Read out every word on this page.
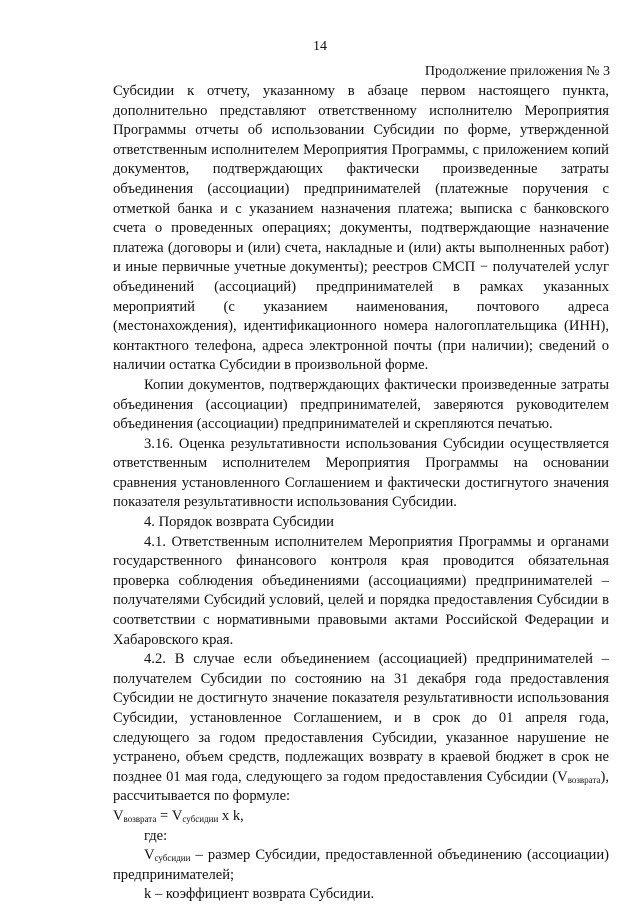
14
Продолжение приложения № 3

Субсидии к отчету, указанному в абзаце первом настоящего пункта, дополнительно представляют ответственному исполнителю Мероприятия Программы отчеты об использовании Субсидии по форме, утвержденной ответственным исполнителем Мероприятия Программы, с приложением копий документов, подтверждающих фактически произведенные затраты объединения (ассоциации) предпринимателей (платежные поручения с отметкой банка и с указанием назначения платежа; выписка с банковского счета о проведенных операциях; документы, подтверждающие назначение платежа (договоры и (или) счета, накладные и (или) акты выполненных работ) и иные первичные учетные документы); реестров СМСП − получателей услуг объединений (ассоциаций) предпринимателей в рамках указанных мероприятий (с указанием наименования, почтового адреса (местонахождения), идентификационного номера налогоплательщика (ИНН), контактного телефона, адреса электронной почты (при наличии); сведений о наличии остатка Субсидии в произвольной форме.

Копии документов, подтверждающих фактически произведенные затраты объединения (ассоциации) предпринимателей, заверяются руководителем объединения (ассоциации) предпринимателей и скрепляются печатью.

3.16. Оценка результативности использования Субсидии осуществляется ответственным исполнителем Мероприятия Программы на основании сравнения установленного Соглашением и фактически достигнутого значения показателя результативности использования Субсидии.

4. Порядок возврата Субсидии

4.1. Ответственным исполнителем Мероприятия Программы и органами государственного финансового контроля края проводится обязательная проверка соблюдения объединениями (ассоциациями) предпринимателей – получателями Субсидий условий, целей и порядка предоставления Субсидии в соответствии с нормативными правовыми актами Российской Федерации и Хабаровского края.

4.2. В случае если объединением (ассоциацией) предпринимателей – получателем Субсидии по состоянию на 31 декабря года предоставления Субсидии не достигнуто значение показателя результативности использования Субсидии, установленное Соглашением, и в срок до 01 апреля года, следующего за годом предоставления Субсидии, указанное нарушение не устранено, объем средств, подлежащих возврату в краевой бюджет в срок не позднее 01 мая года, следующего за годом предоставления Субсидии $(V_{возврата})$, рассчитывается по формуле:

$V_{возврата} = V_{субсидии}$ x k,

где:

$V_{субсидии}$ – размер Субсидии, предоставленной объединению (ассоциации) предпринимателей;

k – коэффициент возврата Субсидии.
